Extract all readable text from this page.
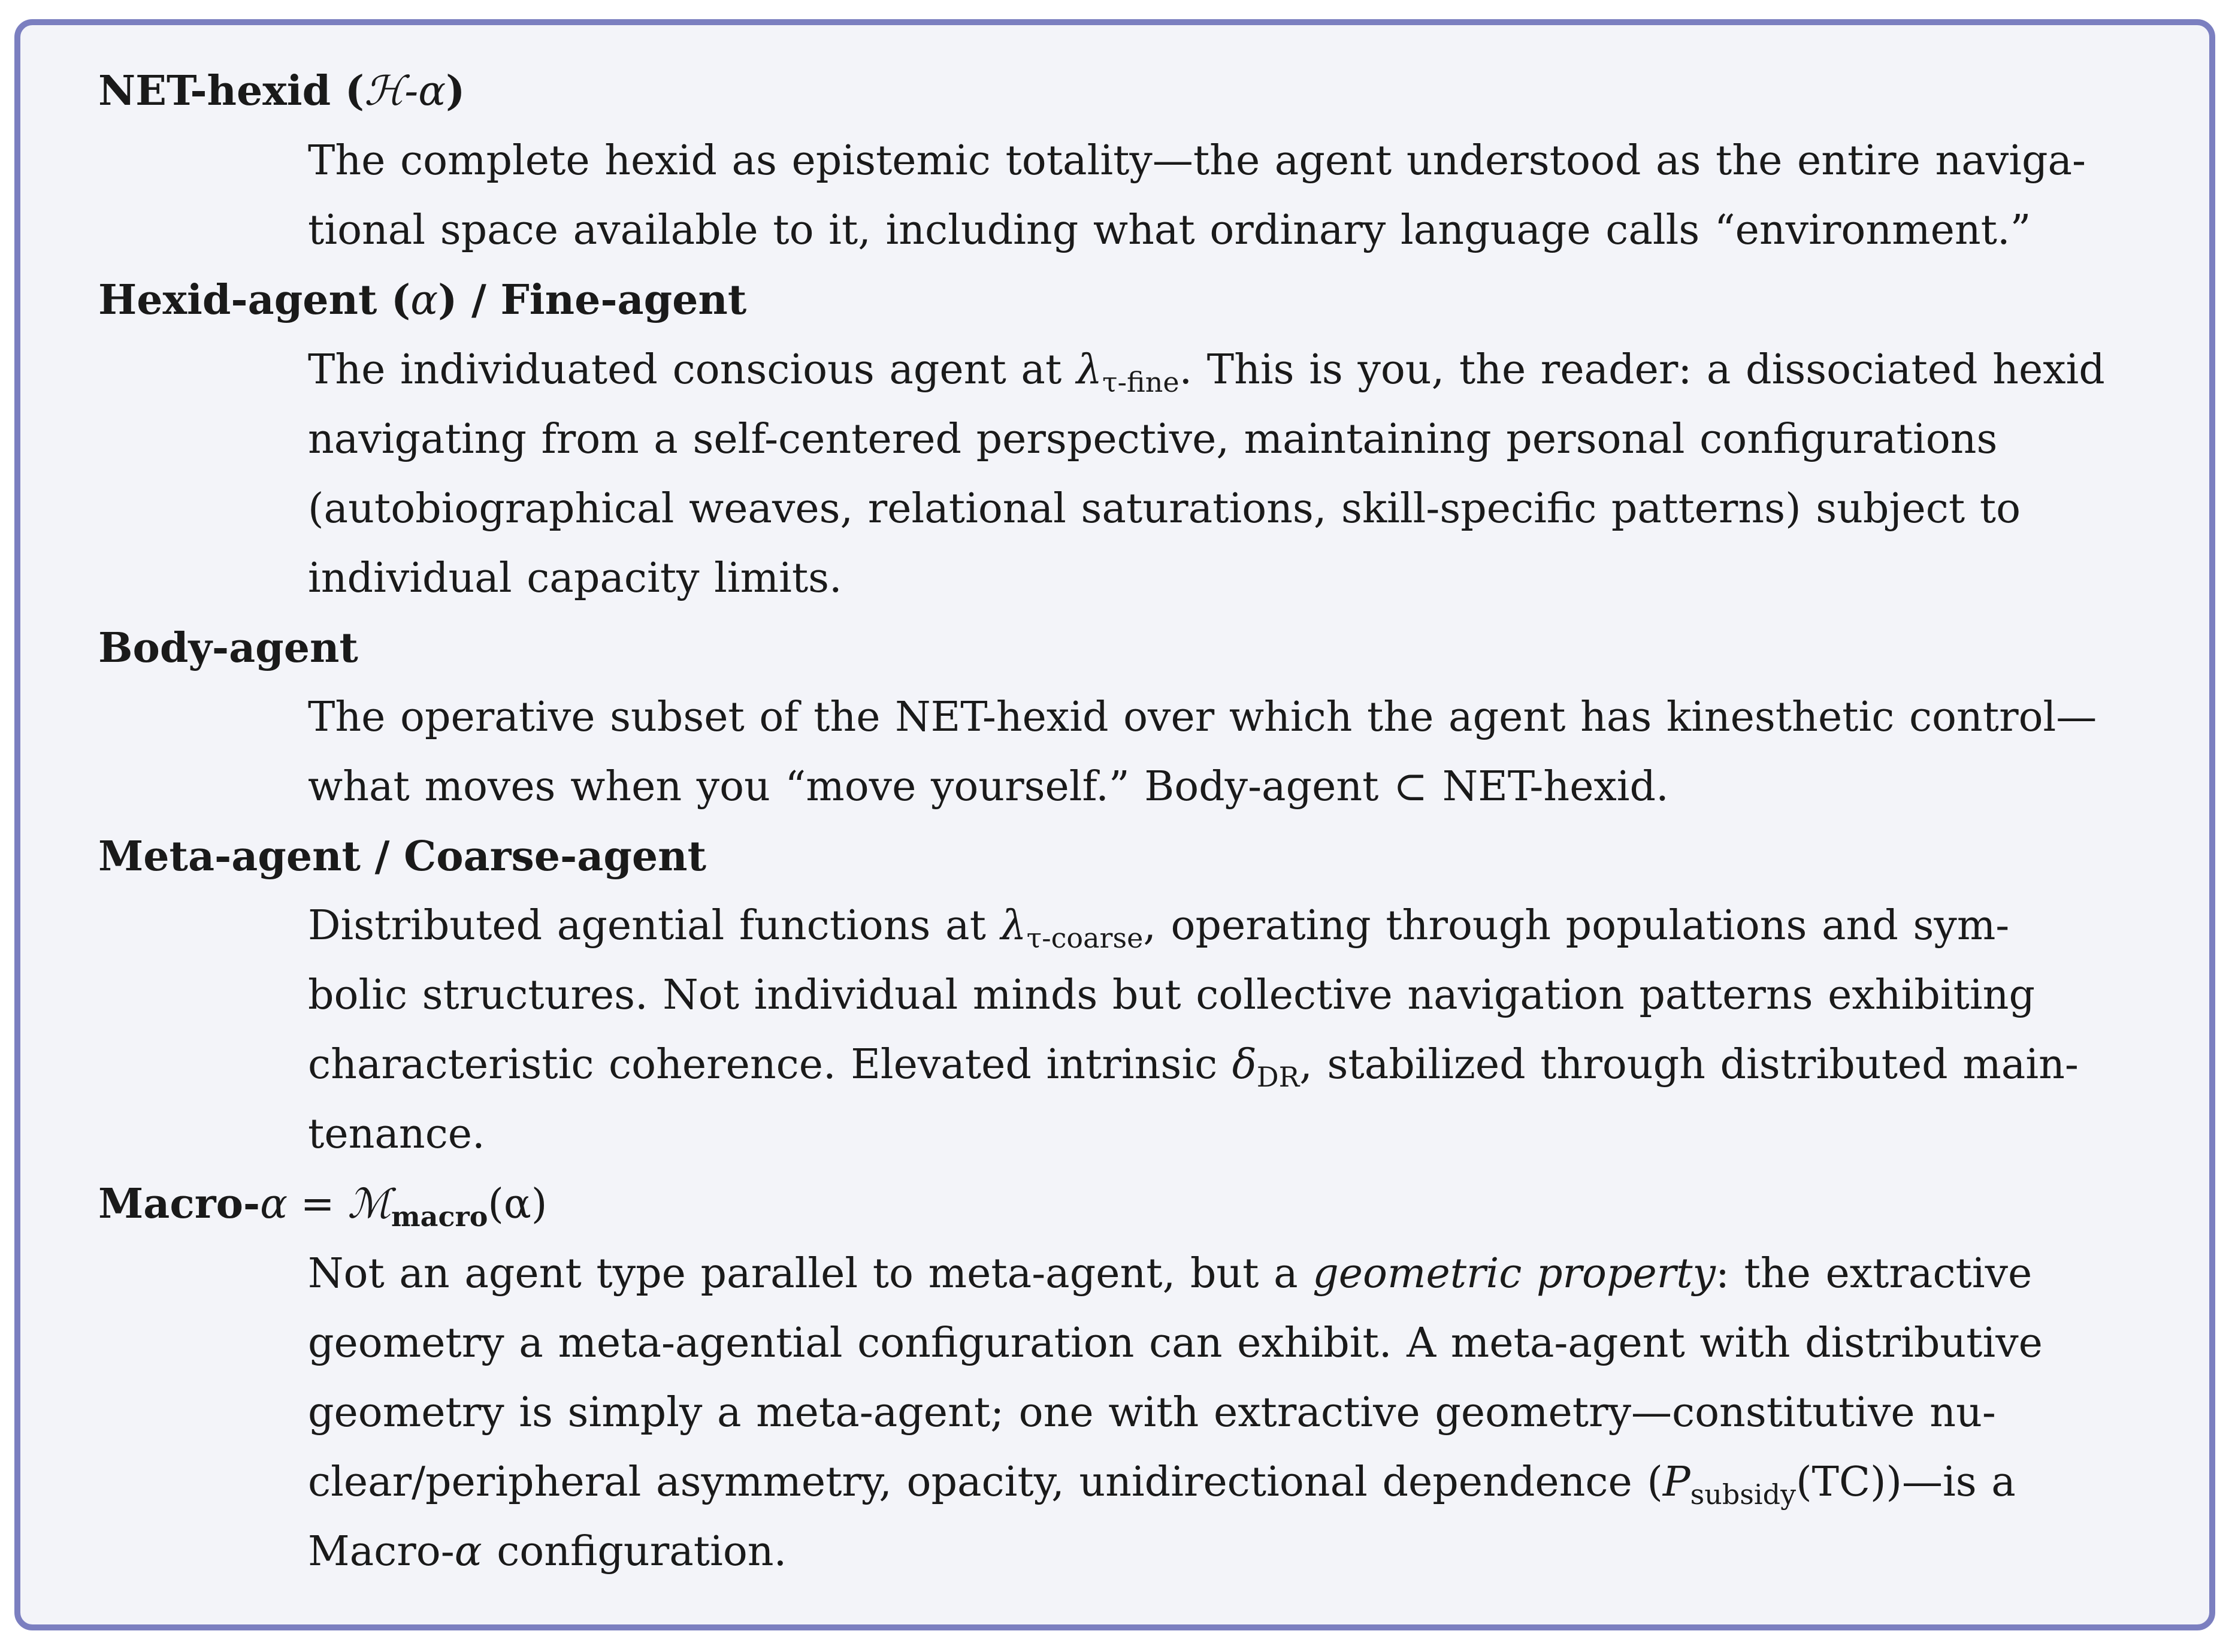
NET-hexid (ℋ-α)
The complete hexid as epistemic totality—the agent understood as the entire naviga-
tional space available to it, including what ordinary language calls “environment.”
Hexid-agent (α) / Fine-agent
The individuated conscious agent at $\lambda_{\tau-fine}$. This is you, the reader: a dissociated hexid
navigating from a self-centered perspective, maintaining personal configurations
(autobiographical weaves, relational saturations, skill-specific patterns) subject to
individual capacity limits.
Body-agent
The operative subset of the NET-hexid over which the agent has kinesthetic control—
what moves when you “move yourself.” Body-agent ⊂ NET-hexid.
Meta-agent / Coarse-agent
Distributed agential functions at $\lambda_{\tau-coarse}$, operating through populations and sym-
bolic structures. Not individual minds but collective navigation patterns exhibiting
characteristic coherence. Elevated intrinsic $\delta_{DR}$, stabilized through distributed main-
tenance.
Macro-α = ℳ$_{macro}$(α)
Not an agent type parallel to meta-agent, but a geometric property: the extractive
geometry a meta-agential configuration can exhibit. A meta-agent with distributive
geometry is simply a meta-agent; one with extractive geometry—constitutive nu-
clear/peripheral asymmetry, opacity, unidirectional dependence $(P_{subsidy}(TC))—is$ a
Macro-α configuration.
